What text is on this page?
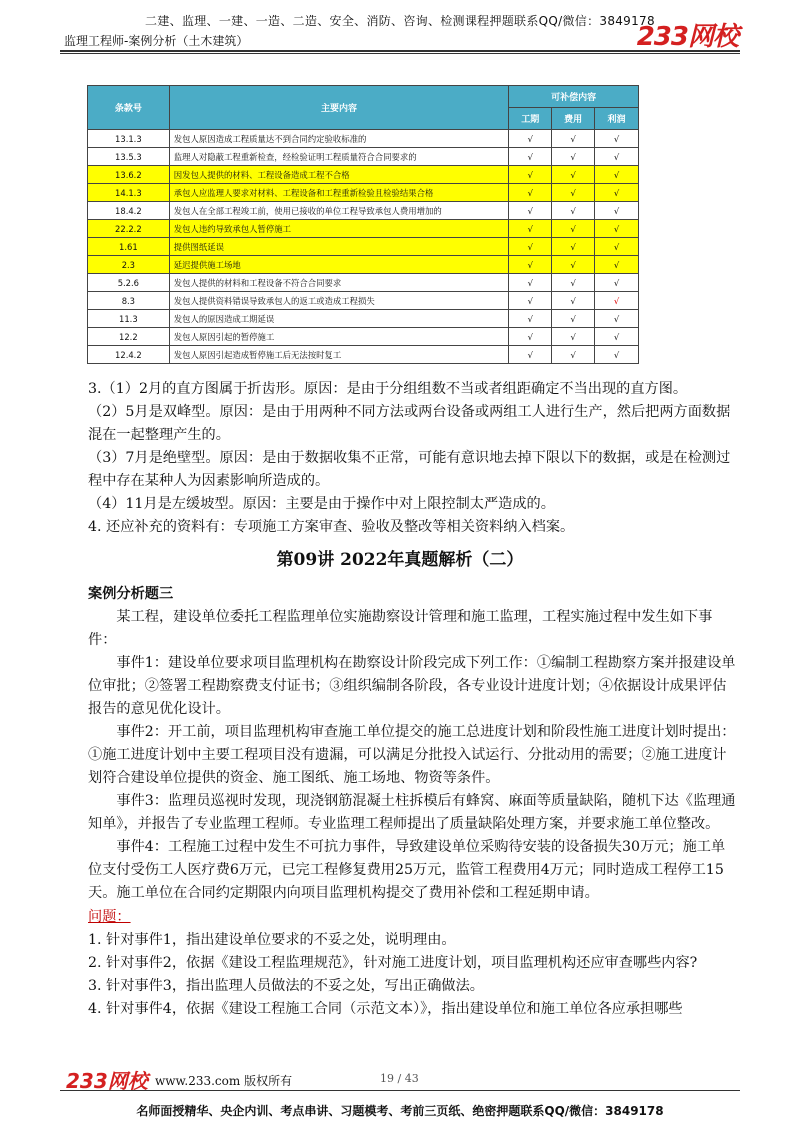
二建、监理、一建、一造、二造、安全、消防、咨询、检测课程押题联系QQ/微信：3849178
监理工程师-案例分析（土木建筑）	233网校
条款号	主要内容	可补偿内容		
		工期	费用	利润
13.1.3	发包人原因造成工程质量达不到合同约定验收标准的	√	√	√
13.5.3	监理人对隐蔽工程重新检查，经检验证明工程质量符合合同要求的	√	√	√
13.6.2	因发包人提供的材料、工程设备造成工程不合格	√	√	√
14.1.3	承包人应监理人要求对材料、工程设备和工程重新检验且检验结果合格	√	√	√
18.4.2	发包人在全部工程竣工前，使用已接收的单位工程导致承包人费用增加的	√	√	√
22.2.2	发包人违约导致承包人暂停施工	√	√	√
1.61	提供图纸延误	√	√	√
2.3	延迟提供施工场地	√	√	√
5.2.6	发包人提供的材料和工程设备不符合合同要求	√	√	√
8.3	发包人提供资料错误导致承包人的返工或造成工程损失	√	√	√
11.3	发包人的原因造成工期延误	√	√	√
12.2	发包人原因引起的暂停施工	√	√	√
12.4.2	发包人原因引起造成暂停施工后无法按时复工	√	√	√
3.（1）2月的直方图属于折齿形。原因：是由于分组组数不当或者组距确定不当出现的直方图。
（2）5月是双峰型。原因：是由于用两种不同方法或两台设备或两组工人进行生产，然后把两方面数据混在一起整理产生的。
（3）7月是绝壁型。原因：是由于数据收集不正常，可能有意识地去掉下限以下的数据，或是在检测过程中存在某种人为因素影响所造成的。
（4）11月是左缓坡型。原因：主要是由于操作中对上限控制太严造成的。
4. 还应补充的资料有：专项施工方案审查、验收及整改等相关资料纳入档案。
第09讲 2022年真题解析（二）
案例分析题三
某工程，建设单位委托工程监理单位实施勘察设计管理和施工监理，工程实施过程中发生如下事件：
事件1：建设单位要求项目监理机构在勘察设计阶段完成下列工作：①编制工程勘察方案并报建设单位审批；②签署工程勘察费支付证书；③组织编制各阶段，各专业设计进度计划；④依据设计成果评估报告的意见优化设计。
事件2：开工前，项目监理机构审查施工单位提交的施工总进度计划和阶段性施工进度计划时提出：①施工进度计划中主要工程项目没有遗漏，可以满足分批投入试运行、分批动用的需要；②施工进度计划符合建设单位提供的资金、施工图纸、施工场地、物资等条件。
事件3：监理员巡视时发现，现浇钢筋混凝土柱拆模后有蜂窝、麻面等质量缺陷，随机下达《监理通知单》，并报告了专业监理工程师。专业监理工程师提出了质量缺陷处理方案，并要求施工单位整改。
事件4：工程施工过程中发生不可抗力事件，导致建设单位采购待安装的设备损失30万元；施工单位支付受伤工人医疗费6万元，已完工程修复费用25万元，监管工程费用4万元；同时造成工程停工15天。施工单位在合同约定期限内向项目监理机构提交了费用补偿和工程延期申请。
问题：
1. 针对事件1，指出建设单位要求的不妥之处，说明理由。
2. 针对事件2，依据《建设工程监理规范》，针对施工进度计划，项目监理机构还应审查哪些内容?
3. 针对事件3，指出监理人员做法的不妥之处，写出正确做法。
4. 针对事件4，依据《建设工程施工合同（示范文本）》，指出建设单位和施工单位各应承担哪些
233网校 www.233.com 版权所有	19 / 43
名师面授精华、央企内训、考点串讲、习题模考、考前三页纸、绝密押题联系QQ/微信：3849178
